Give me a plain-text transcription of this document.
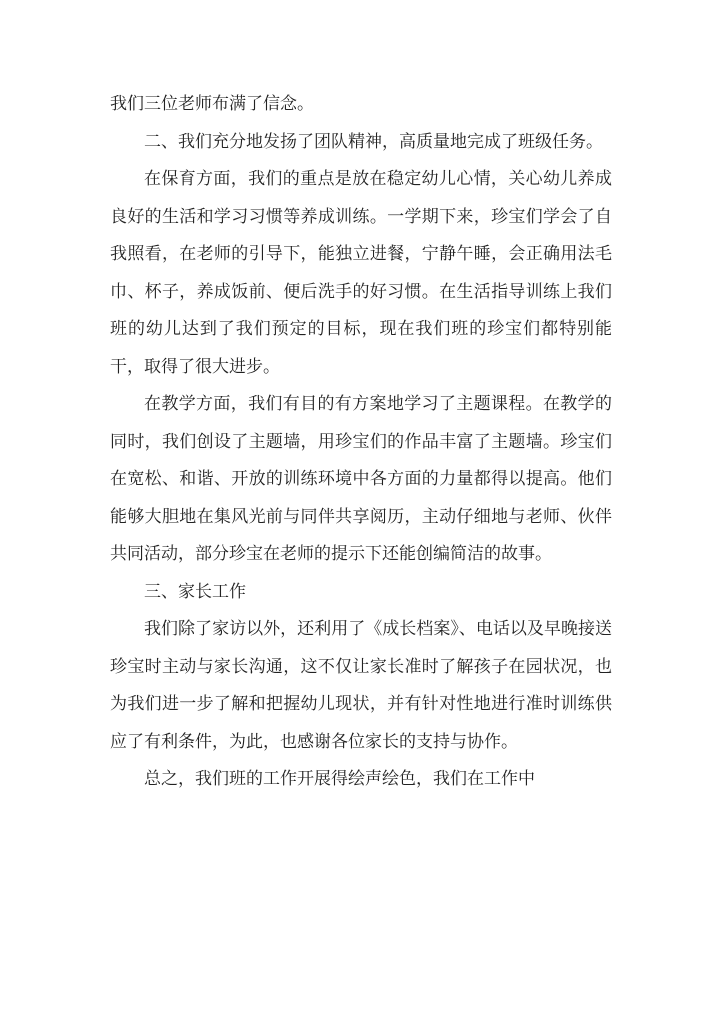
我们三位老师布满了信念。

二、我们充分地发扬了团队精神，高质量地完成了班级任务。

在保育方面，我们的重点是放在稳定幼儿心情，关心幼儿养成良好的生活和学习习惯等养成训练。一学期下来，珍宝们学会了自我照看，在老师的引导下，能独立进餐，宁静午睡，会正确用法毛巾、杯子，养成饭前、便后洗手的好习惯。在生活指导训练上我们班的幼儿达到了我们预定的目标，现在我们班的珍宝们都特别能干，取得了很大进步。

在教学方面，我们有目的有方案地学习了主题课程。在教学的同时，我们创设了主题墙，用珍宝们的作品丰富了主题墙。珍宝们在宽松、和谐、开放的训练环境中各方面的力量都得以提高。他们能够大胆地在集风光前与同伴共享阅历，主动仔细地与老师、伙伴共同活动，部分珍宝在老师的提示下还能创编简洁的故事。

三、家长工作

我们除了家访以外，还利用了《成长档案》、电话以及早晚接送珍宝时主动与家长沟通，这不仅让家长准时了解孩子在园状况，也为我们进一步了解和把握幼儿现状，并有针对性地进行准时训练供应了有利条件，为此，也感谢各位家长的支持与协作。

总之，我们班的工作开展得绘声绘色，我们在工作中
